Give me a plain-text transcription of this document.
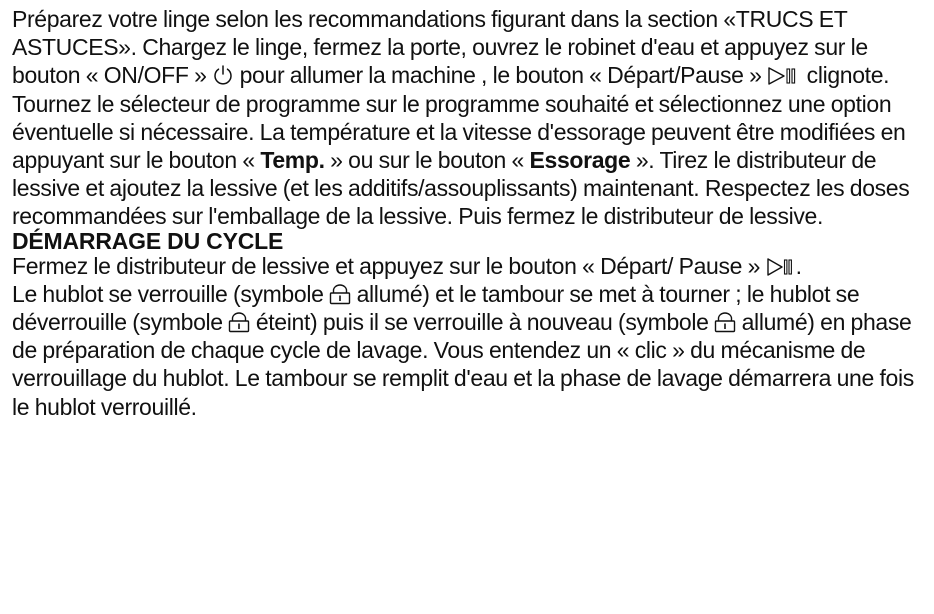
Préparez votre linge selon les recommandations figurant dans la section «TRUCS ET ASTUCES». Chargez le linge, fermez la porte, ouvrez le robinet d'eau et appuyez sur le bouton « ON/OFF »
pour allumer la machine , le bouton « Départ/Pause »
clignote. Tournez le sélecteur de programme sur le programme souhaité et sélectionnez une option éventuelle si nécessaire. La température et la vitesse d'essorage peuvent être modifiées en appuyant sur le bouton « Temp. » ou sur le bouton « Essorage ». Tirez le distributeur de lessive et ajoutez la lessive (et les additifs/assouplissants) maintenant. Respectez les doses recommandées sur l'emballage de la lessive. Puis fermez le distributeur de lessive.

DÉMARRAGE DU CYCLE

Fermez le distributeur de lessive et appuyez sur le bouton « Départ/ Pause »
.

Le hublot se verrouille (symbole
allumé) et le tambour se met à tourner ; le hublot se déverrouille (symbole
éteint) puis il se verrouille à nouveau (symbole
allumé) en phase de préparation de chaque cycle de lavage. Vous entendez un « clic » du mécanisme de verrouillage du hublot. Le tambour se remplit d'eau et la phase de lavage démarrera une fois le hublot verrouillé.
